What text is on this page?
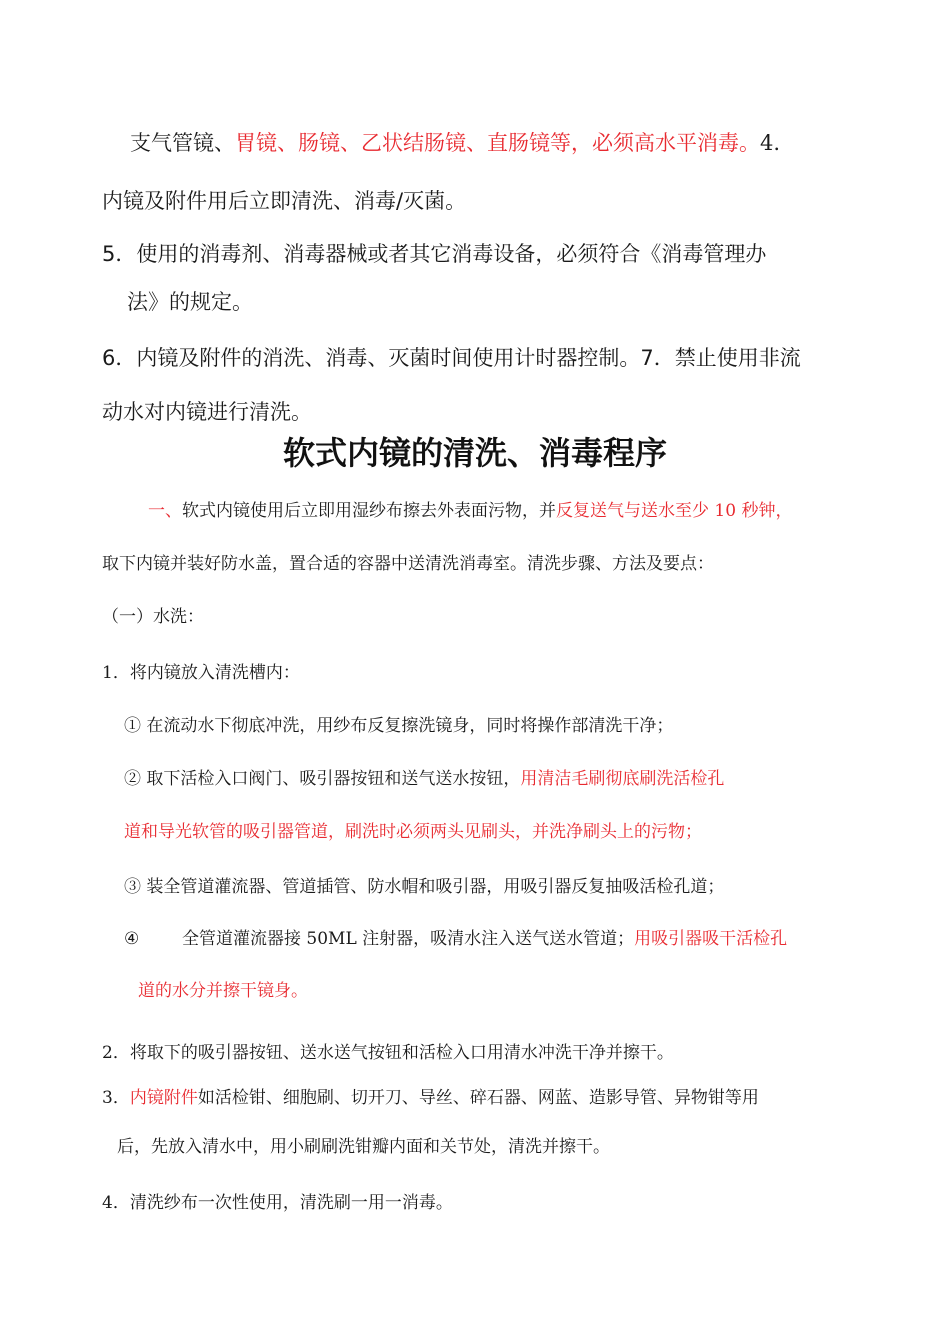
支气管镜、胃镜、肠镜、乙状结肠镜、直肠镜等，必须高水平消毒。4.

内镜及附件用后立即清洗、消毒/灭菌。

5．使用的消毒剂、消毒器械或者其它消毒设备，必须符合《消毒管理办

法》的规定。

6．内镜及附件的消洗、消毒、灭菌时间使用计时器控制。7．禁止使用非流

动水对内镜进行清洗。

软式内镜的清洗、消毒程序

一、软式内镜使用后立即用湿纱布擦去外表面污物，并反复送气与送水至少 10 秒钟，

取下内镜并装好防水盖，置合适的容器中送清洗消毒室。清洗步骤、方法及要点：

（一）水洗：

1．将内镜放入清洗槽内：

① 在流动水下彻底冲洗，用纱布反复擦洗镜身，同时将操作部清洗干净；

② 取下活检入口阀门、吸引器按钮和送气送水按钮，用清洁毛刷彻底刷洗活检孔

道和导光软管的吸引器管道，刷洗时必须两头见刷头，并洗净刷头上的污物；

③ 装全管道灌流器、管道插管、防水帽和吸引器，用吸引器反复抽吸活检孔道；

④	全管道灌流器接 50ML 注射器，吸清水注入送气送水管道；用吸引器吸干活检孔

道的水分并擦干镜身。

2．将取下的吸引器按钮、送水送气按钮和活检入口用清水冲洗干净并擦干。

3．内镜附件如活检钳、细胞刷、切开刀、导丝、碎石器、网蓝、造影导管、异物钳等用

后，先放入清水中，用小刷刷洗钳瓣内面和关节处，清洗并擦干。

4．清洗纱布一次性使用，清洗刷一用一消毒。
